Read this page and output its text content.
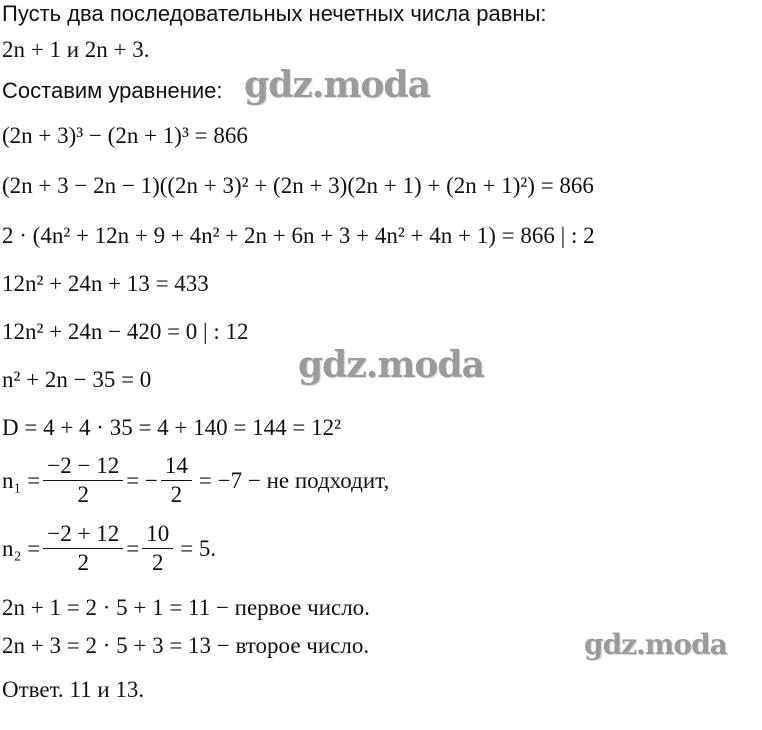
Пусть два последовательных нечетных числа равны:
2n + 1 и 2n + 3.
Составим уравнение:
(2n + 3)³ − (2n + 1)³ = 866
(2n + 3 − 2n − 1)((2n + 3)² + (2n + 3)(2n + 1) + (2n + 1)²) = 866
2 · (4n² + 12n + 9 + 4n² + 2n + 6n + 3 + 4n² + 4n + 1) = 866 | : 2
12n² + 24n + 13 = 433
12n² + 24n − 420 = 0 | : 12
n² + 2n − 35 = 0
D = 4 + 4 · 35 = 4 + 140 = 144 = 12²
$n_1 = \frac{-2 - 12}{2}$ = − $\frac{14}{2} = -7$ − не подходит,
$n_2 = \frac{-2 + 12}{2} = \frac{10}{2} = 5$.
2n + 1 = 2 · 5 + 1 = 11 − первое число.
2n + 3 = 2 · 5 + 3 = 13 − второе число.
Ответ. 11 и 13.
gdz.moda
gdz.moda
gdz.moda
